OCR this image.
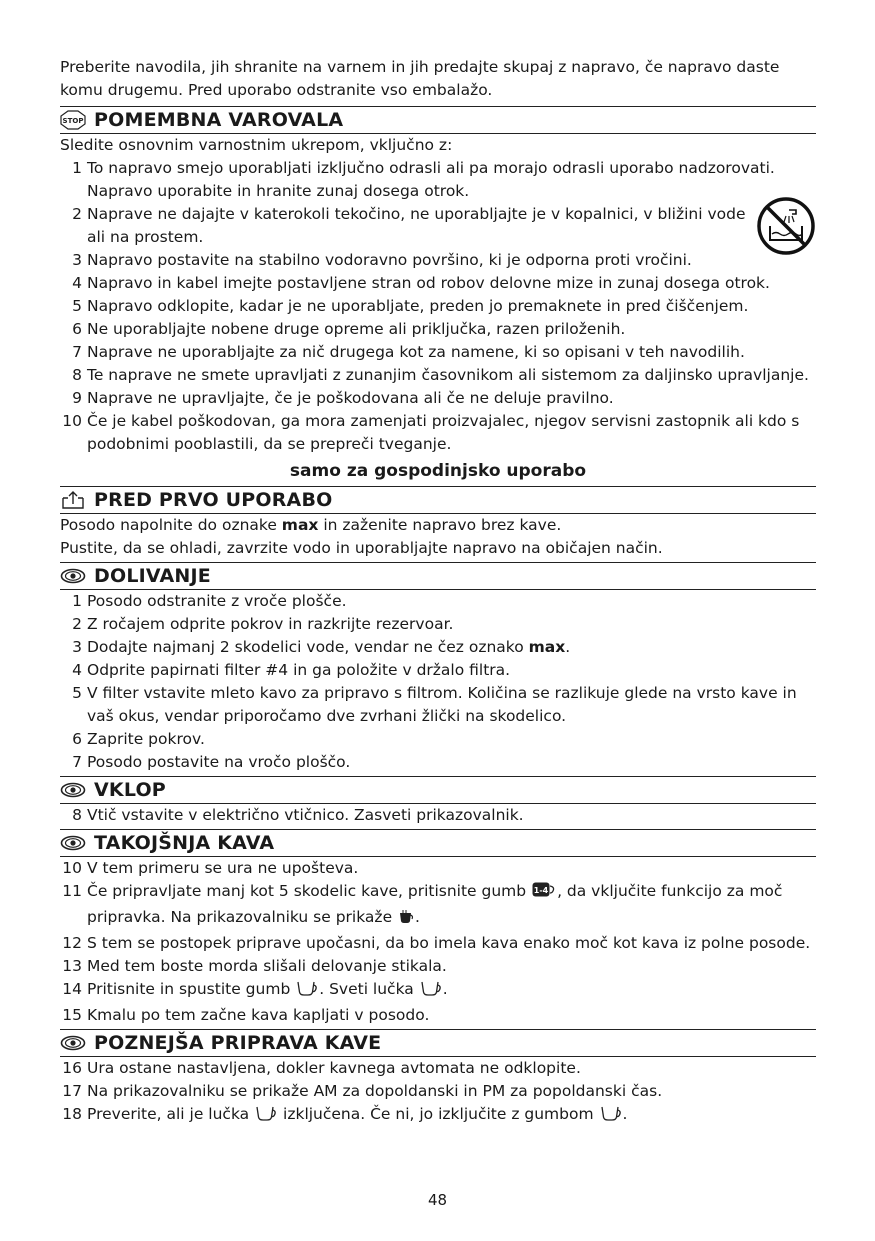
Preberite navodila, jih shranite na varnem in jih predajte skupaj z napravo, če napravo daste komu drugemu. Pred uporabo odstranite vso embalažo.

STOP POMEMBNA VAROVALA
Sledite osnovnim varnostnim ukrepom, vključno z:
1 To napravo smejo uporabljati izključno odrasli ali pa morajo odrasli uporabo nadzorovati. Napravo uporabite in hranite zunaj dosega otrok.
2 Naprave ne dajajte v katerokoli tekočino, ne uporabljajte je v kopalnici, v bližini vode ali na prostem.
3 Napravo postavite na stabilno vodoravno površino, ki je odporna proti vročini.
4 Napravo in kabel imejte postavljene stran od robov delovne mize in zunaj dosega otrok.
5 Napravo odklopite, kadar je ne uporabljate, preden jo premaknete in pred čiščenjem.
6 Ne uporabljajte nobene druge opreme ali priključka, razen priloženih.
7 Naprave ne uporabljajte za nič drugega kot za namene, ki so opisani v teh navodilih.
8 Te naprave ne smete upravljati z zunanjim časovnikom ali sistemom za daljinsko upravljanje.
9 Naprave ne upravljajte, če je poškodovana ali če ne deluje pravilno.
10 Če je kabel poškodovan, ga mora zamenjati proizvajalec, njegov servisni zastopnik ali kdo s podobnimi pooblastili, da se prepreči tveganje.
samo za gospodinjsko uporabo
PRED PRVO UPORABO
Posodo napolnite do oznake max in zaženite napravo brez kave.
Pustite, da se ohladi, zavrzite vodo in uporabljajte napravo na običajen način.
DOLIVANJE
1 Posodo odstranite z vroče plošče.
2 Z ročajem odprite pokrov in razkrijte rezervoar.
3 Dodajte najmanj 2 skodelici vode, vendar ne čez oznako max.
4 Odprite papirnati filter #4 in ga položite v držalo filtra.
5 V filter vstavite mleto kavo za pripravo s filtrom. Količina se razlikuje glede na vrsto kave in vaš okus, vendar priporočamo dve zvrhani žlički na skodelico.
6 Zaprite pokrov.
7 Posodo postavite na vročo ploščo.
VKLOP
8 Vtič vstavite v električno vtičnico. Zasveti prikazovalnik.
TAKOJŠNJA KAVA
10 V tem primeru se ura ne upošteva.
11 Če pripravljate manj kot 5 skodelic kave, pritisnite gumb 1-4 , da vključite funkcijo za moč pripravka. Na prikazovalniku se prikaže .
12 S tem se postopek priprave upočasni, da bo imela kava enako moč kot kava iz polne posode.
13 Med tem boste morda slišali delovanje stikala.
14 Pritisnite in spustite gumb . Sveti lučka .
15 Kmalu po tem začne kava kapljati v posodo.
POZNEJŠA PRIPRAVA KAVE
16 Ura ostane nastavljena, dokler kavnega avtomata ne odklopite.
17 Na prikazovalniku se prikaže AM za dopoldanski in PM za popoldanski čas.
18 Preverite, ali je lučka  izključena. Če ni, jo izključite z gumbom .
48
